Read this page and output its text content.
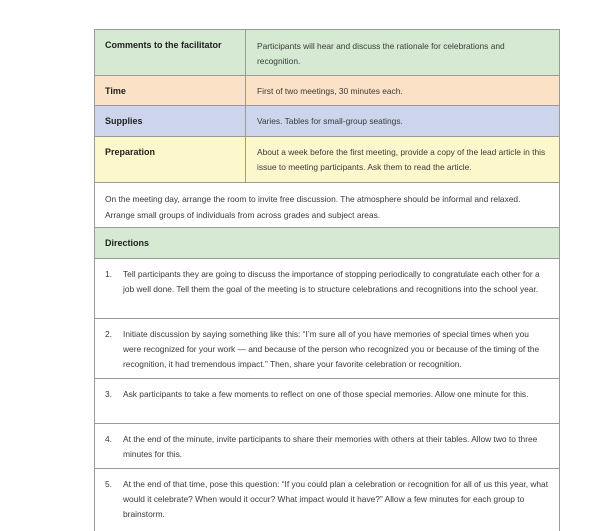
Comments to the facilitator	Participants will hear and discuss the rationale for celebrations and recognition.
Time	First of two meetings, 30 minutes each.
Supplies	Varies. Tables for small-group seatings.
Preparation	About a week before the first meeting, provide a copy of the lead article in this issue to meeting participants. Ask them to read the article.
On the meeting day, arrange the room to invite free discussion. The atmosphere should be informal and relaxed. Arrange small groups of individuals from across grades and subject areas.
Directions
1.	Tell participants they are going to discuss the importance of stopping periodically to congratulate each other for a job well done. Tell them the goal of the meeting is to structure celebrations and recognitions into the school year.
2.	Initiate discussion by saying something like this: “I’m sure all of you have memories of special times when you were recognized for your work — and because of the person who recognized you or because of the timing of the recognition, it had tremendous impact.” Then, share your favorite celebration or recognition.
3.	Ask participants to take a few moments to reflect on one of those special memories. Allow one minute for this.
4.	At the end of the minute, invite participants to share their memories with others at their tables. Allow two to three minutes for this.
5.	At the end of that time, pose this question: “If you could plan a celebration or recognition for all of us this year, what would it celebrate? When would it occur? What impact would it have?” Allow a few minutes for each group to brainstorm.
